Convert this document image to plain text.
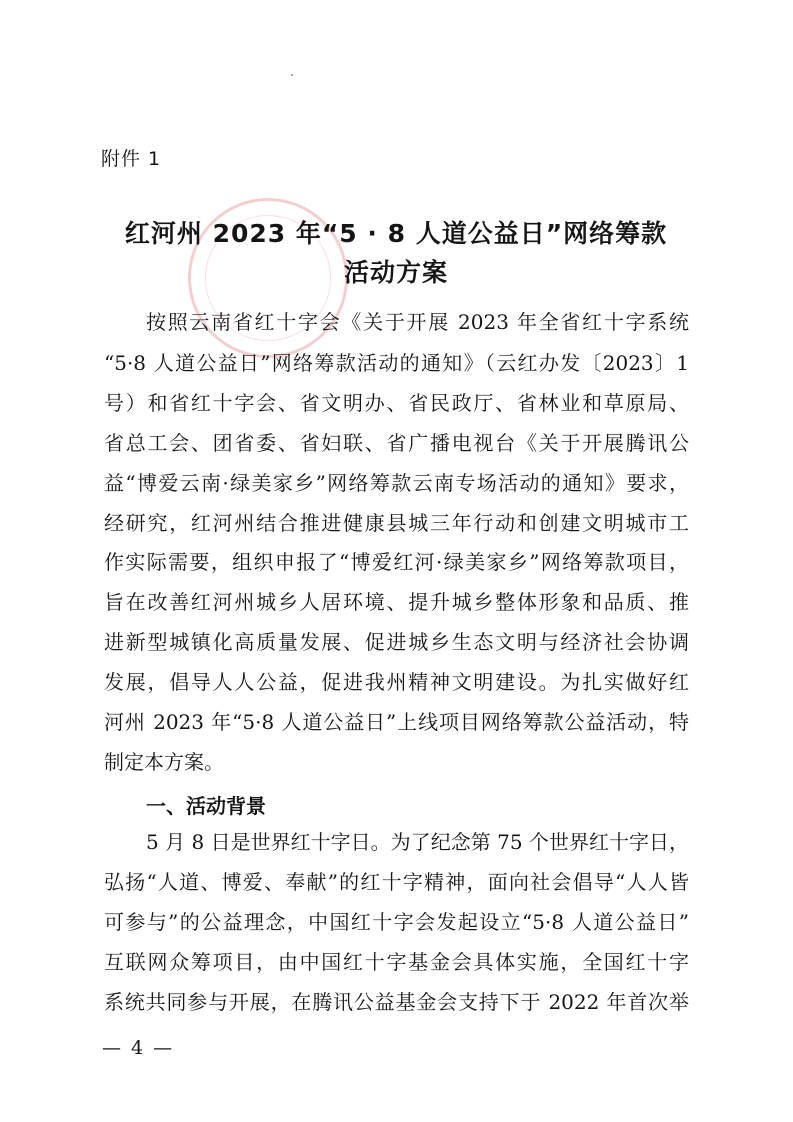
附件 1
红河州 2023 年“5 · 8 人道公益日”网络筹款
活动方案
按照云南省红十字会《关于开展 2023 年全省红十字系统
“5·8 人道公益日”网络筹款活动的通知》（云红办发〔2023〕1
号）和省红十字会、省文明办、省民政厅、省林业和草原局、
省总工会、团省委、省妇联、省广播电视台《关于开展腾讯公
益“博爱云南·绿美家乡”网络筹款云南专场活动的通知》要求，
经研究，红河州结合推进健康县城三年行动和创建文明城市工
作实际需要，组织申报了“博爱红河·绿美家乡”网络筹款项目，
旨在改善红河州城乡人居环境、提升城乡整体形象和品质、推
进新型城镇化高质量发展、促进城乡生态文明与经济社会协调
发展，倡导人人公益，促进我州精神文明建设。为扎实做好红
河州 2023 年“5·8 人道公益日”上线项目网络筹款公益活动，特
制定本方案。
一、活动背景
5 月 8 日是世界红十字日。为了纪念第 75 个世界红十字日，
弘扬“人道、博爱、奉献”的红十字精神，面向社会倡导“人人皆
可参与”的公益理念，中国红十字会发起设立“5·8 人道公益日”
互联网众筹项目，由中国红十字基金会具体实施，全国红十字
系统共同参与开展，在腾讯公益基金会支持下于 2022 年首次举
— 4 —
